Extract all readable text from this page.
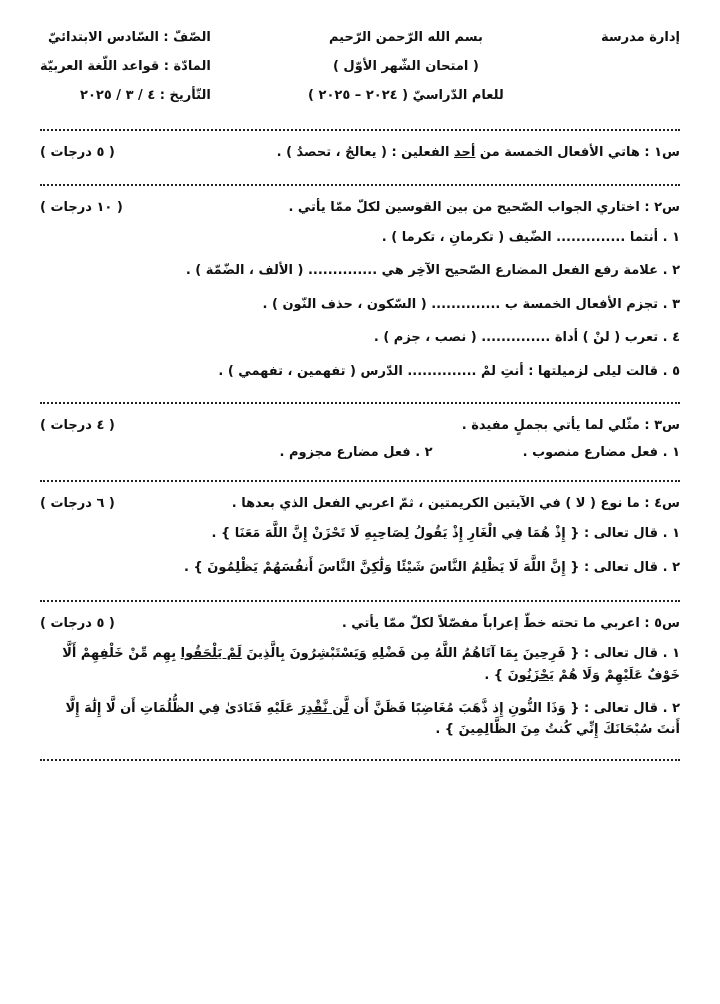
إدارة مدرسة
بسم الله الرّحمن الرّحيم
( امتحان الشّهر الأوّل )
للعام الدّراسيّ ( ٢٠٢٤ – ٢٠٢٥ )
الصّفّ : السّادس الابتدائيّ
المادّة : قواعد اللّغة العربيّة
التّأريخ : ٤ / ٣ / ٢٠٢٥
س١ : هاتي الأفعال الخمسة من أحد الفعلين : ( يعالجُ ، تحصدُ ) .
( ٥ درجات )
س٢ : اختاري الجواب الصّحيح من بين القوسين لكلّ ممّا يأتي .
( ١٠ درجات )
١ . أنتما .............. الضّيف ( تكرمانِ ، تكرما ) .
٢ . علامة رفع الفعل المضارع الصّحيح الآخِر هي .............. ( الألف ، الضّمّة ) .
٣ . تجزم الأفعال الخمسة ب .............. ( السّكون ، حذف النّون ) .
٤ . تعرب ( لنْ ) أداة .............. ( نصب ، جزم ) .
٥ . قالت ليلى لزميلتها : أنتِ لمْ .............. الدّرس ( تفهمين ، تفهمي ) .
س٣ : مثّلي لما يأتي بجملٍ مفيدة .
( ٤ درجات )
١ . فعل مضارع منصوب .
٢ . فعل مضارع مجزوم .
س٤ : ما نوع ( لا ) في الآيتين الكريمتين ، ثمّ اعربي الفعل الذي بعدها .
( ٦ درجات )
١ . قال تعالى : { إِذْ هُمَا فِي الْغَارِ إِذْ يَقُولُ لِصَاحِبِهِ لَا تَحْزَنْ إِنَّ اللَّهَ مَعَنَا } .
٢ . قال تعالى : { إِنَّ اللَّهَ لَا يَظْلِمُ النَّاسَ شَيْئًا وَلَٰكِنَّ النَّاسَ أَنفُسَهُمْ يَظْلِمُونَ } .
س٥ : اعربي ما تحته خطّ إعراباً مفصّلاً لكلّ ممّا يأتي .
( ٥ درجات )
١ . قال تعالى : { فَرِحِينَ بِمَا آتَاهُمُ اللَّهُ مِن فَضْلِهِ وَيَسْتَبْشِرُونَ بِالَّذِينَ لَمْ يَلْحَقُوا بِهِم مِّنْ خَلْفِهِمْ أَلَّا خَوْفٌ عَلَيْهِمْ وَلَا هُمْ يَحْزَنُونَ } .
٢ . قال تعالى : { وَذَا النُّونِ إِذ ذَّهَبَ مُغَاضِبًا فَظَنَّ أَن لَّن نَّقْدِرَ عَلَيْهِ فَنَادَىٰ فِي الظُّلُمَاتِ أَن لَّا إِلَٰهَ إِلَّا أَنتَ سُبْحَانَكَ إِنِّي كُنتُ مِنَ الظَّالِمِينَ } .
